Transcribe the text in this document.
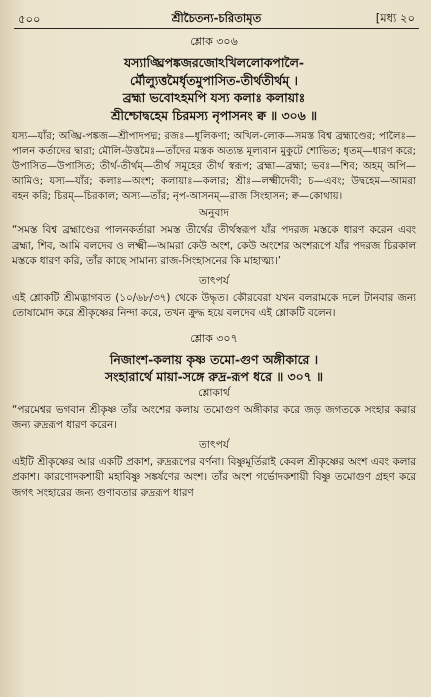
৫০০	শ্রীচৈতন্য-চরিতামৃত	[মধ্য ২০
শ্লোক ৩০৬
যস্যাঙ্ঘ্রিপঙ্কজরজোঽখিললোকপালৈ-
র্মৌল্যুত্তমৈর্ধৃতমুপাসিত-তীর্থতীর্থম্ ।
ব্রহ্মা ভবোঽহমপি যস্য কলাঃ কলায়াঃ
শ্রীশ্চোদ্বহেম চিরমস্য নৃপাসনং ক্ব ॥ ৩০৬ ॥

যস্য—যাঁর; অঙ্ঘ্রি-পঙ্কজ—শ্রীপাদপদ্ম; রজঃ—ধূলিকণা; অখিল-লোক—সমস্ত বিশ্ব ব্রহ্মাণ্ডের; পালৈঃ—পালন কর্তাদের দ্বারা; মৌলি-উত্তমৈঃ—তাঁদের মস্তক অত্যন্ত মূল্যবান মুকুটে শোভিত; ধৃতম্—ধারণ করে; উপাসিত—উপাসিত; তীর্থ-তীর্থম্—তীর্থ সমূহের তীর্থ স্বরূপ; ব্রহ্মা—ব্রহ্মা; ভবঃ—শিব; অহম্ অপি—আমিও; যস্য—যাঁর; কলাঃ—অংশ; কলায়াঃ—কলার; শ্রীঃ—লক্ষ্মীদেবী; চ—এবং; উদ্বহেম—আমরা বহন করি; চিরম্—চিরকাল; অস্য—তাঁর; নৃপ-আসনম্—রাজ সিংহাসন; ক্ব—কোথায়।

অনুবাদ

“সমস্ত বিশ্ব ব্রহ্মাণ্ডের পালনকর্তারা সমস্ত তীর্থের তীর্থস্বরূপ যাঁর পদরজ মস্তকে ধারণ করেন এবং ব্রহ্মা, শিব, আমি বলদেব ও লক্ষ্মী—আমরা কেউ অংশ, কেউ অংশের অংশরূপে যাঁর পদরজ চিরকাল মস্তকে ধারণ করি, তাঁর কাছে সামান্য রাজ-সিংহাসনের কি মাহাত্ম্য।’

তাৎপর্য

এই শ্লোকটি শ্রীমদ্ভাগবত (১০/৬৮/৩৭) থেকে উদ্ধৃত। কৌরবেরা যখন বলরামকে দলে টানবার জন্য তোষামোদ করে শ্রীকৃষ্ণের নিন্দা করে, তখন ক্রুদ্ধ হয়ে বলদেব এই শ্লোকটি বলেন।

শ্লোক ৩০৭
নিজাংশ-কলায় কৃষ্ণ তমো-গুণ অঙ্গীকারে ।
সংহারার্থে মায়া-সঙ্গে রুদ্র-রূপ ধরে ॥ ৩০৭ ॥

শ্লোকার্থ

“পরমেশ্বর ভগবান শ্রীকৃষ্ণ তাঁর অংশের কলায় তমোগুণ অঙ্গীকার করে জড় জগতকে সংহার করার জন্য রুদ্ররূপ ধারণ করেন।

তাৎপর্য

এইটি শ্রীকৃষ্ণের আর একটি প্রকাশ, রুদ্ররূপের বর্ণনা। বিষ্ণুমূর্তিরাই কেবল শ্রীকৃষ্ণের অংশ এবং কলার প্রকাশ। কারণোদকশায়ী মহাবিষ্ণু সঙ্কর্ষণের অংশ। তাঁর অংশ গর্ভোদকশায়ী বিষ্ণু তমোগুণ গ্রহণ করে জগৎ সংহারের জন্য গুণাবতার রুদ্ররূপ ধারণ
